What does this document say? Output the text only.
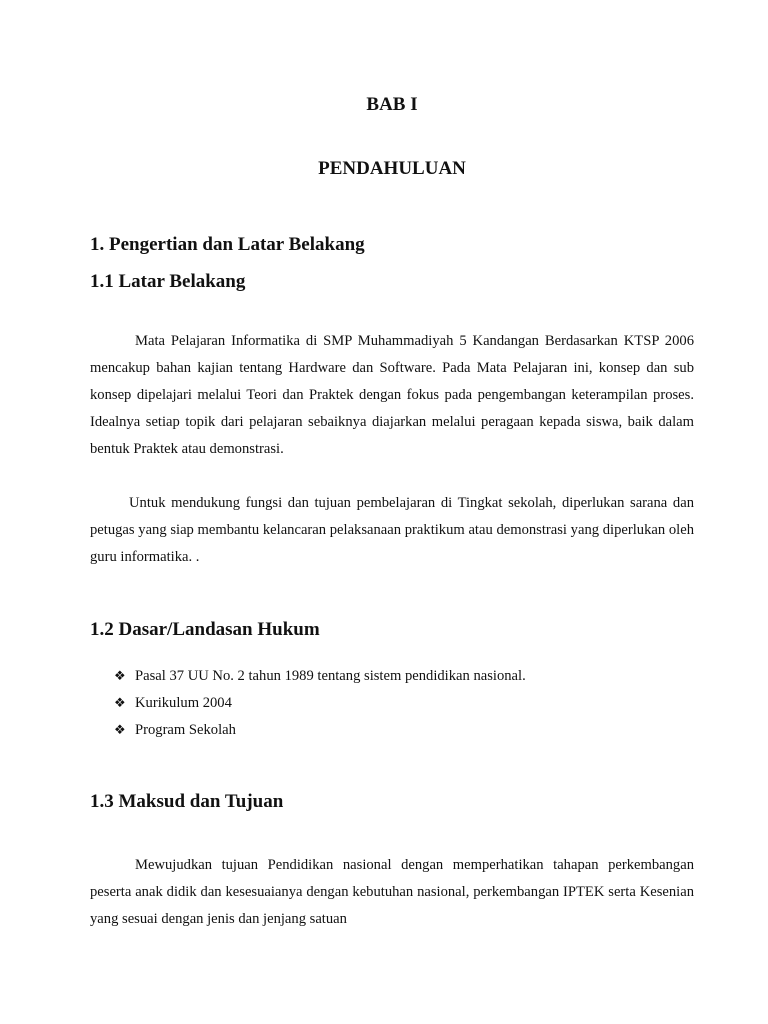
BAB I
PENDAHULUAN
1. Pengertian dan Latar Belakang
1.1 Latar Belakang

Mata Pelajaran Informatika di SMP Muhammadiyah 5 Kandangan Berdasarkan KTSP 2006 mencakup bahan kajian tentang Hardware dan Software. Pada Mata Pelajaran ini, konsep dan sub konsep dipelajari melalui Teori dan Praktek dengan fokus pada pengembangan keterampilan proses. Idealnya setiap topik dari pelajaran sebaiknya diajarkan melalui peragaan kepada siswa, baik dalam bentuk Praktek atau demonstrasi.

Untuk mendukung fungsi dan tujuan pembelajaran di Tingkat sekolah, diperlukan sarana dan petugas yang siap membantu kelancaran pelaksanaan praktikum atau demonstrasi yang diperlukan oleh guru informatika. .

1.2 Dasar/Landasan Hukum
❖ Pasal 37 UU No. 2 tahun 1989 tentang sistem pendidikan nasional.
❖ Kurikulum 2004
❖ Program Sekolah
1.3 Maksud dan Tujuan

Mewujudkan tujuan Pendidikan nasional dengan memperhatikan tahapan perkembangan peserta anak didik dan kesesuaianya dengan kebutuhan nasional, perkembangan IPTEK serta Kesenian yang sesuai dengan jenis dan jenjang satuan
